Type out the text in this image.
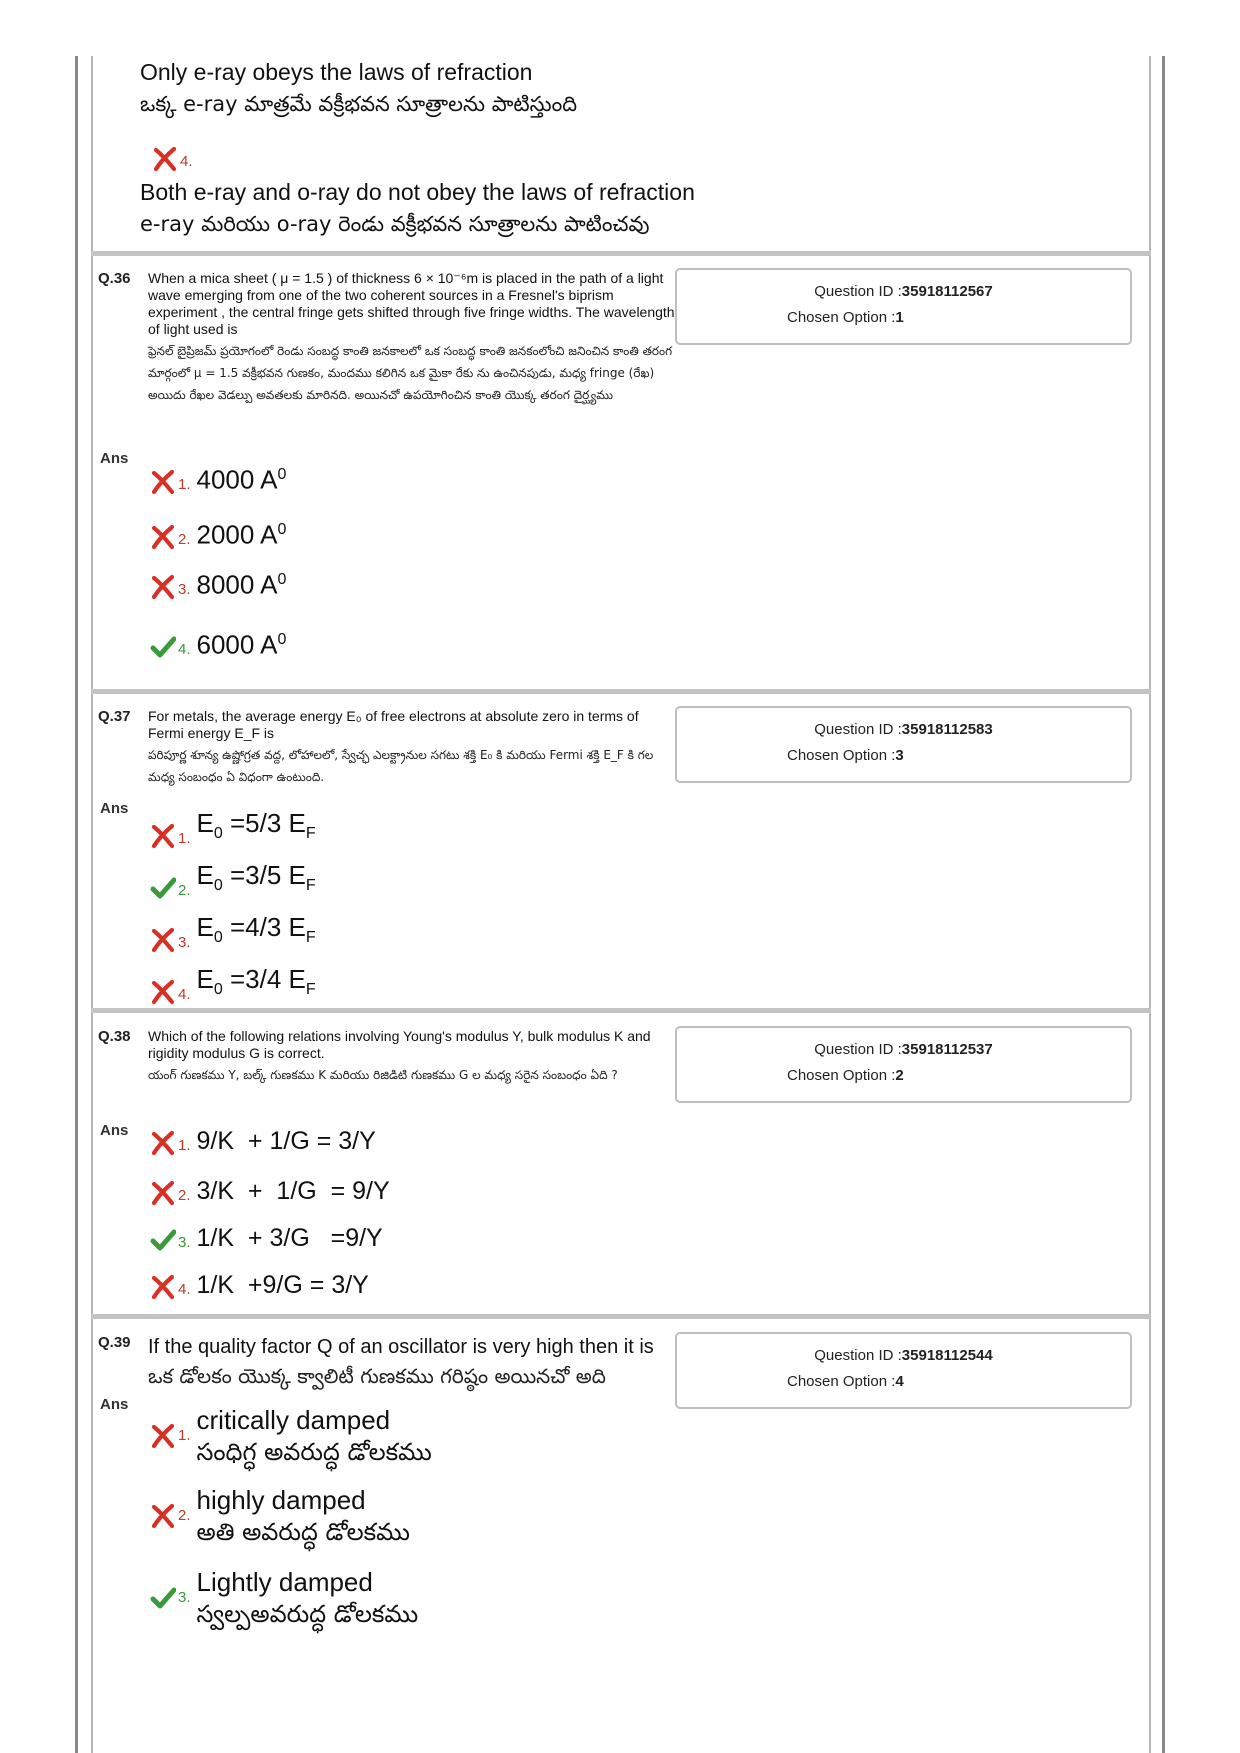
Only e-ray obeys the laws of refraction
ఒక్క e-ray మాత్రమే వక్రీభవన సూత్రాలను పాటిస్తుంది
4.
Both e-ray and o-ray do not obey the laws of refraction
e-ray మరియు o-ray రెండు వక్రీభవన సూత్రాలను పాటించవు
Q.36 When a mica sheet ( μ = 1.5 ) of thickness 6 × 10⁻⁶m is placed in the path of a light wave emerging from one of the two coherent sources in a Fresnel's biprism experiment , the central fringe gets shifted through five fringe widths. The wavelength of light used is

ఫ్రెనల్ బైప్రిజమ్ ప్రయోగంలో రెండు సంబద్ధ కాంతి జనకాలలో ఒక సంబద్ధ కాంతి జనకంలోంచి జనించిన కాంతి తరంగ మార్గంలో μ = 1.5 వక్రీభవన గుణకం, మందము కలిగిన ఒక మైకా రేకు ను ఉంచినపుడు, మధ్య fringe (రేఖ) అయిదు రేఖల వెడల్పు అవతలకు మారినది. అయినచో ఉపయోగించిన కాంతి యొక్క తరంగ దైర్ఘ్యము

Question ID :35918112567
Chosen Option :1
Ans
1. 4000 $A^0$
2. 2000 $A^0$
3. 8000 $A^0$
4. 6000 $A^0$
Q.37 For metals, the average energy E₀ of free electrons at absolute zero in terms of Fermi energy E_F is

పరిపూర్ణ శూన్య ఉష్ణోగ్రత వద్ద, లోహాలలో, స్వేచ్ఛ ఎలక్ట్రానుల సగటు శక్తి E₀ కి మరియు Fermi శక్తి E_F కి గల మధ్య సంబంధం ఏ విధంగా ఉంటుంది.

Question ID :35918112583
Chosen Option :3
Ans
1.
$E_0 =5/3$ $E_F$
2.
$E_0 =3/5$ $E_F$
3.
$E_0 =4/3$ $E_F$
4.
$E_0 =3/4$ $E_F$
Q.38 Which of the following relations involving Young's modulus Y, bulk modulus K and rigidity modulus G is correct.

యంగ్ గుణకము Y, బల్క్ గుణకము K మరియు రిజిడిటి గుణకము G ల మధ్య సరైన సంబంధం ఏది ?

Question ID :35918112537
Chosen Option :2
Ans
1. 9/K  + 1/G = 3/Y
2. 3/K  +  1/G  = 9/Y
3. 1/K  + 3/G   =9/Y
4. 1/K  +9/G = 3/Y
Q.39 If the quality factor Q of an oscillator is very high then it is

ఒక డోలకం యొక్క క్వాలిటీ గుణకము గరిష్ఠం అయినచో అది

Question ID :35918112544
Chosen Option :4
Ans
1. critically damped
సంధిగ్ధ అవరుద్ధ డోలకము
2. highly damped
అతి అవరుద్ధ డోలకము
3. Lightly damped
స్వల్పఅవరుద్ధ డోలకము
